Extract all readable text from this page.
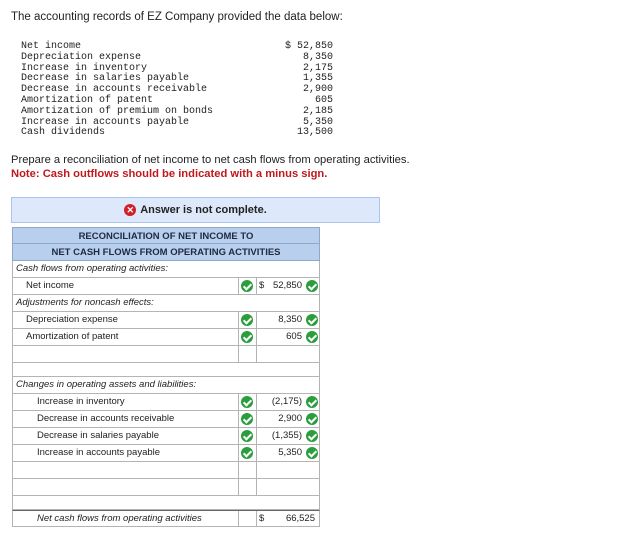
The accounting records of EZ Company provided the data below:
Net income	$ 52,850
Depreciation expense	8,350
Increase in inventory	2,175
Decrease in salaries payable	1,355
Decrease in accounts receivable	2,900
Amortization of patent	605
Amortization of premium on bonds	2,185
Increase in accounts payable	5,350
Cash dividends	13,500
Prepare a reconciliation of net income to net cash flows from operating activities.
Note: Cash outflows should be indicated with a minus sign.
✕ Answer is not complete.
RECONCILIATION OF NET INCOME TO
NET CASH FLOWS FROM OPERATING ACTIVITIES
Cash flows from operating activities:
Net income	$ 52,850
Adjustments for noncash effects:
Depreciation expense	8,350
Amortization of patent	605
Changes in operating assets and liabilities:
Increase in inventory	(2,175)
Decrease in accounts receivable	2,900
Decrease in salaries payable	(1,355)
Increase in accounts payable	5,350
Net cash flows from operating activities	$ 66,525
